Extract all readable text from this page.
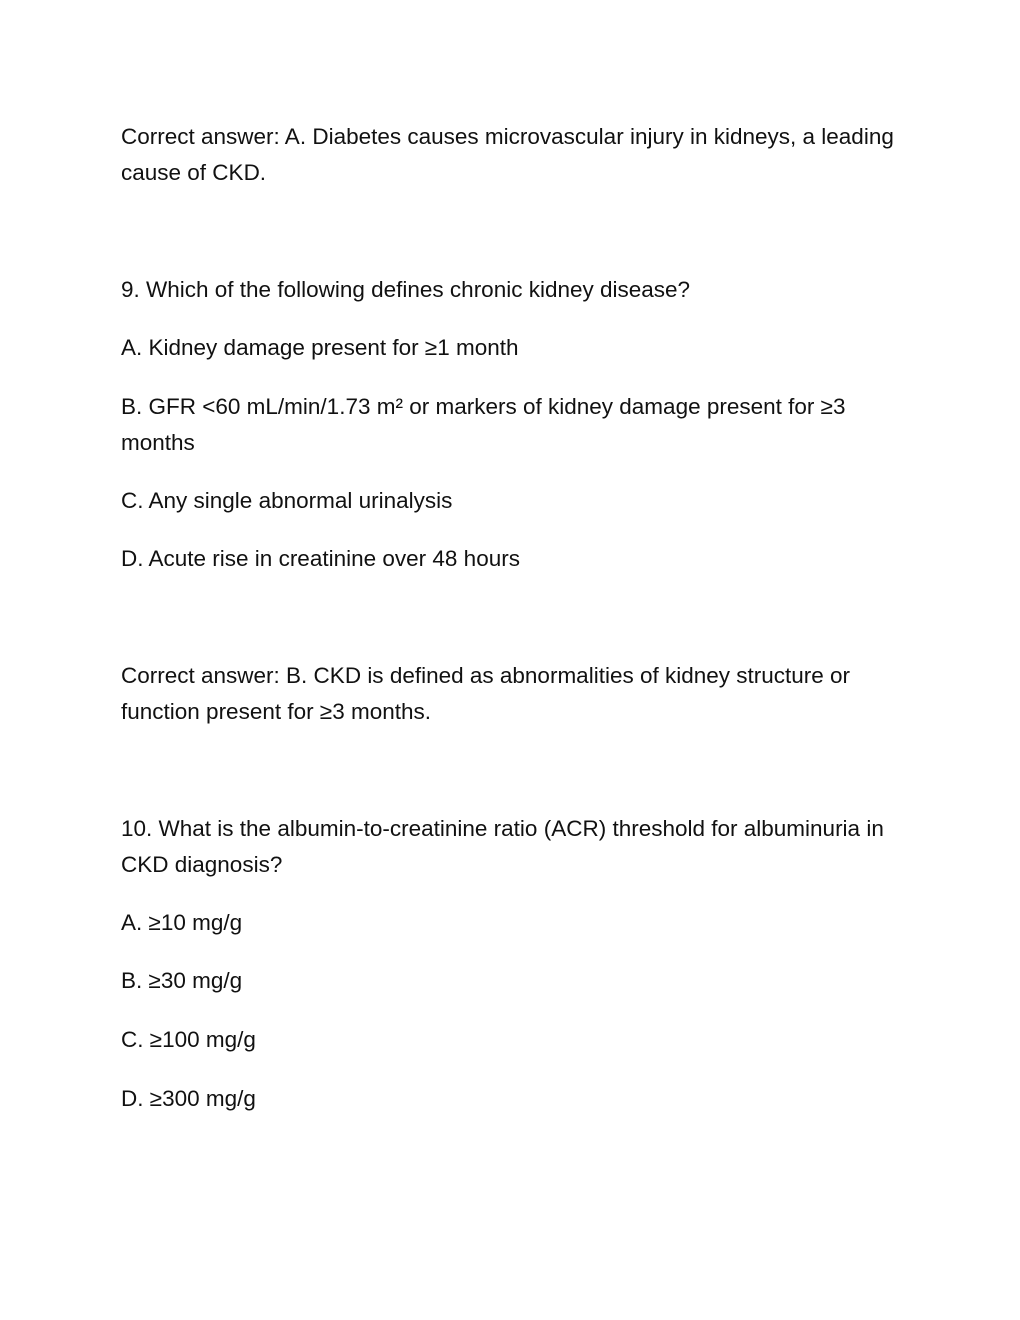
Correct answer: A. Diabetes causes microvascular injury in kidneys, a leading cause of CKD.

9. Which of the following defines chronic kidney disease?

A. Kidney damage present for ≥1 month

B. GFR <60 mL/min/1.73 m² or markers of kidney damage present for ≥3 months

C. Any single abnormal urinalysis

D. Acute rise in creatinine over 48 hours

Correct answer: B. CKD is defined as abnormalities of kidney structure or function present for ≥3 months.

10. What is the albumin-to-creatinine ratio (ACR) threshold for albuminuria in CKD diagnosis?

A. ≥10 mg/g

B. ≥30 mg/g

C. ≥100 mg/g

D. ≥300 mg/g
